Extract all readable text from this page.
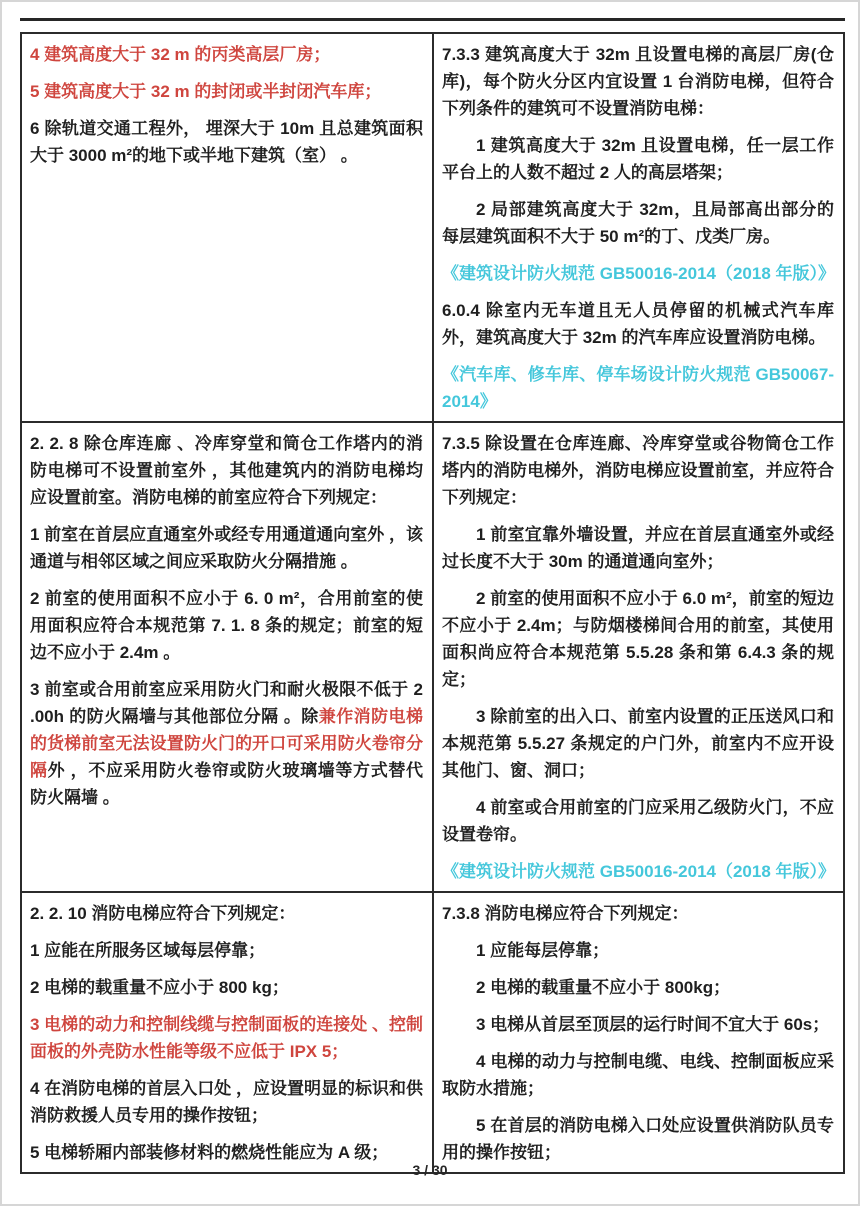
4 建筑高度大于 32 m 的丙类高层厂房；

5 建筑高度大于 32 m 的封闭或半封闭汽车库；

6 除轨道交通工程外， 埋深大于 10m 且总建筑面积大于 3000 m²的地下或半地下建筑（室） 。

7.3.3 建筑高度大于 32m 且设置电梯的高层厂房(仓库)，每个防火分区内宜设置 1 台消防电梯，但符合下列条件的建筑可不设置消防电梯：

1 建筑高度大于 32m 且设置电梯，任一层工作平台上的人数不超过 2 人的高层塔架；

2 局部建筑高度大于 32m，且局部高出部分的每层建筑面积不大于 50 m²的丁、戊类厂房。

《建筑设计防火规范 GB50016-2014（2018 年版）》

6.0.4 除室内无车道且无人员停留的机械式汽车库外，建筑高度大于 32m 的汽车库应设置消防电梯。

《汽车库、修车库、停车场设计防火规范 GB50067-2014》

2. 2. 8 除仓库连廊 、冷库穿堂和筒仓工作塔内的消防电梯可不设置前室外 ，其他建筑内的消防电梯均应设置前室。消防电梯的前室应符合下列规定：

1 前室在首层应直通室外或经专用通道通向室外 ，该通道与相邻区域之间应采取防火分隔措施 。

2 前室的使用面积不应小于 6. 0 m²，合用前室的使用面积应符合本规范第 7. 1. 8 条的规定；前室的短边不应小于 2.4m 。

3 前室或合用前室应采用防火门和耐火极限不低于 2 .00h 的防火隔墙与其他部位分隔 。除兼作消防电梯的货梯前室无法设置防火门的开口可采用防火卷帘分隔外 ，不应采用防火卷帘或防火玻璃墙等方式替代防火隔墙 。

7.3.5 除设置在仓库连廊、冷库穿堂或谷物筒仓工作塔内的消防电梯外，消防电梯应设置前室，并应符合下列规定：

1 前室宜靠外墙设置，并应在首层直通室外或经过长度不大于 30m 的通道通向室外；

2 前室的使用面积不应小于 6.0 m²，前室的短边不应小于 2.4m；与防烟楼梯间合用的前室，其使用面积尚应符合本规范第 5.5.28 条和第 6.4.3 条的规定；

3 除前室的出入口、前室内设置的正压送风口和本规范第 5.5.27 条规定的户门外，前室内不应开设其他门、窗、洞口；

4 前室或合用前室的门应采用乙级防火门，不应设置卷帘。

《建筑设计防火规范 GB50016-2014（2018 年版）》

2. 2. 10 消防电梯应符合下列规定：

1 应能在所服务区域每层停靠；

2 电梯的载重量不应小于 800 kg；

3 电梯的动力和控制线缆与控制面板的连接处 、控制面板的外壳防水性能等级不应低于 IPX 5；

4 在消防电梯的首层入口处 ，应设置明显的标识和供消防救援人员专用的操作按钮；

5 电梯轿厢内部装修材料的燃烧性能应为 A 级；

7.3.8 消防电梯应符合下列规定：

1 应能每层停靠；

2 电梯的载重量不应小于 800kg；

3 电梯从首层至顶层的运行时间不宜大于 60s；

4 电梯的动力与控制电缆、电线、控制面板应采取防水措施；

5 在首层的消防电梯入口处应设置供消防队员专用的操作按钮；

3 / 30
